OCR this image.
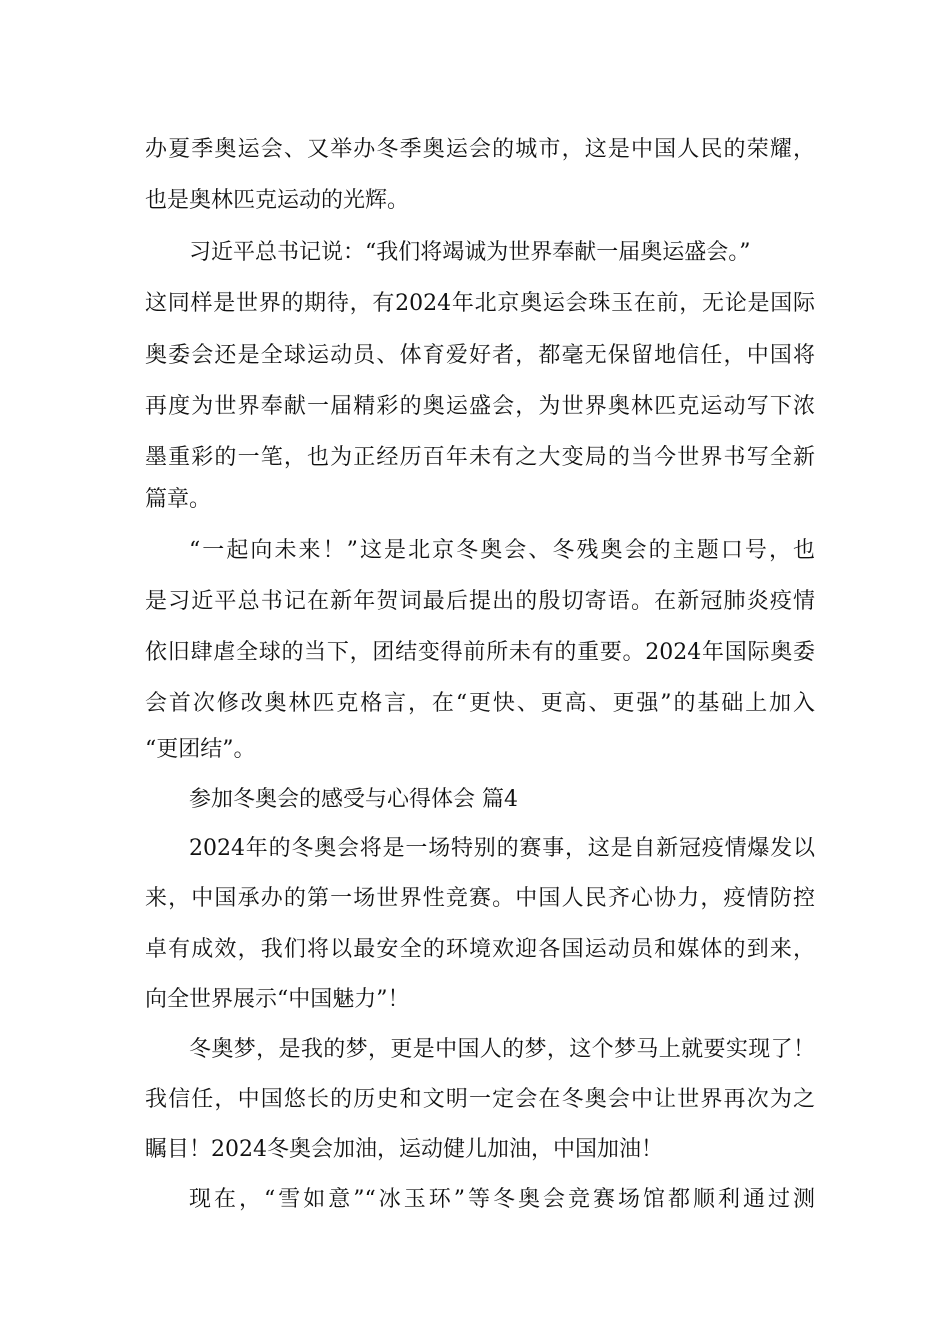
办夏季奥运会、又举办冬季奥运会的城市，这是中国人民的荣耀，
也是奥林匹克运动的光辉。
习近平总书记说：“我们将竭诚为世界奉献一届奥运盛会。”
这同样是世界的期待，有2024年北京奥运会珠玉在前，无论是国际
奥委会还是全球运动员、体育爱好者，都毫无保留地信任，中国将
再度为世界奉献一届精彩的奥运盛会，为世界奥林匹克运动写下浓
墨重彩的一笔，也为正经历百年未有之大变局的当今世界书写全新
篇章。
“一起向未来！”这是北京冬奥会、冬残奥会的主题口号，也
是习近平总书记在新年贺词最后提出的殷切寄语。在新冠肺炎疫情
依旧肆虐全球的当下，团结变得前所未有的重要。2024年国际奥委
会首次修改奥林匹克格言，在“更快、更高、更强”的基础上加入
“更团结”。
参加冬奥会的感受与心得体会 篇4
2024年的冬奥会将是一场特别的赛事，这是自新冠疫情爆发以
来，中国承办的第一场世界性竞赛。中国人民齐心协力，疫情防控
卓有成效，我们将以最安全的环境欢迎各国运动员和媒体的到来，
向全世界展示“中国魅力”！
冬奥梦，是我的梦，更是中国人的梦，这个梦马上就要实现了！
我信任，中国悠长的历史和文明一定会在冬奥会中让世界再次为之
瞩目！2024冬奥会加油，运动健儿加油，中国加油！
现在，“雪如意”“冰玉环”等冬奥会竞赛场馆都顺利通过测
